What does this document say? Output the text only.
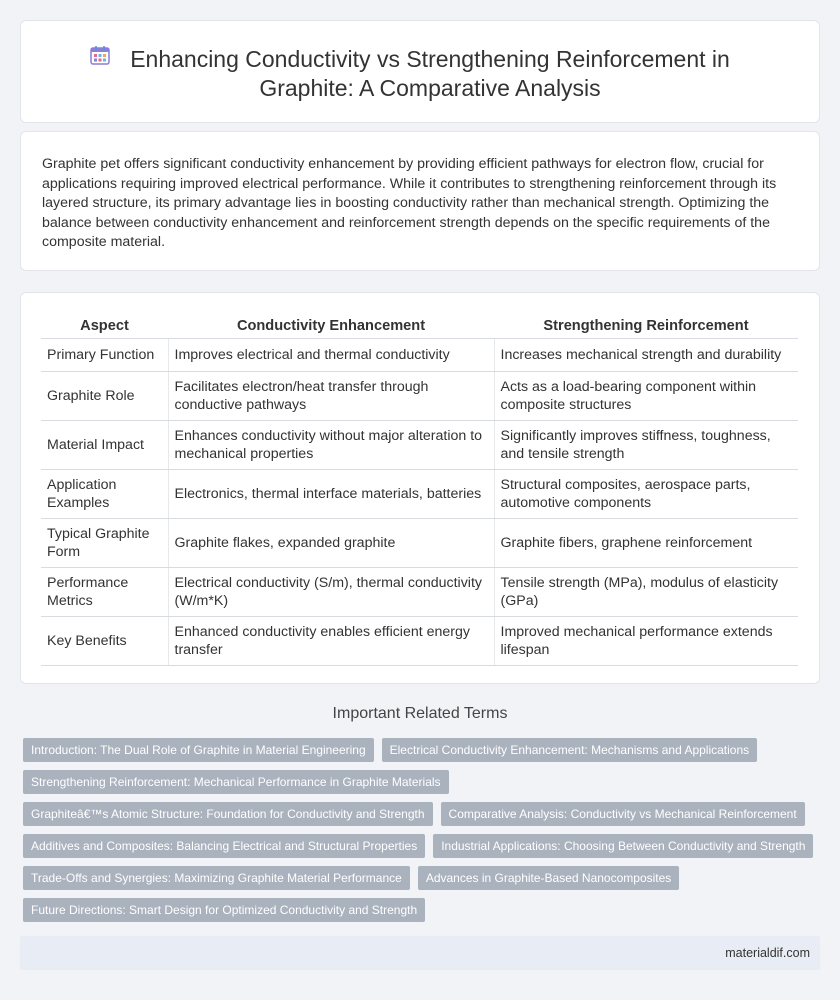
Enhancing Conductivity vs Strengthening Reinforcement in Graphite: A Comparative Analysis

Graphite pet offers significant conductivity enhancement by providing efficient pathways for electron flow, crucial for applications requiring improved electrical performance. While it contributes to strengthening reinforcement through its layered structure, its primary advantage lies in boosting conductivity rather than mechanical strength. Optimizing the balance between conductivity enhancement and reinforcement strength depends on the specific requirements of the composite material.

Aspect	Conductivity Enhancement	Strengthening Reinforcement
Primary Function	Improves electrical and thermal conductivity	Increases mechanical strength and durability
Graphite Role	Facilitates electron/heat transfer through conductive pathways	Acts as a load-bearing component within composite structures
Material Impact	Enhances conductivity without major alteration to mechanical properties	Significantly improves stiffness, toughness, and tensile strength
Application Examples	Electronics, thermal interface materials, batteries	Structural composites, aerospace parts, automotive components
Typical Graphite Form	Graphite flakes, expanded graphite	Graphite fibers, graphene reinforcement
Performance Metrics	Electrical conductivity (S/m), thermal conductivity (W/m*K)	Tensile strength (MPa), modulus of elasticity (GPa)
Key Benefits	Enhanced conductivity enables efficient energy transfer	Improved mechanical performance extends lifespan
Important Related Terms
Introduction: The Dual Role of Graphite in Material Engineering	Electrical Conductivity Enhancement: Mechanisms and Applications
Strengthening Reinforcement: Mechanical Performance in Graphite Materials
Graphiteâ€™s Atomic Structure: Foundation for Conductivity and Strength	Comparative Analysis: Conductivity vs Mechanical Reinforcement
Additives and Composites: Balancing Electrical and Structural Properties	Industrial Applications: Choosing Between Conductivity and Strength
Trade-Offs and Synergies: Maximizing Graphite Material Performance	Advances in Graphite-Based Nanocomposites
Future Directions: Smart Design for Optimized Conductivity and Strength
materialdif.com
